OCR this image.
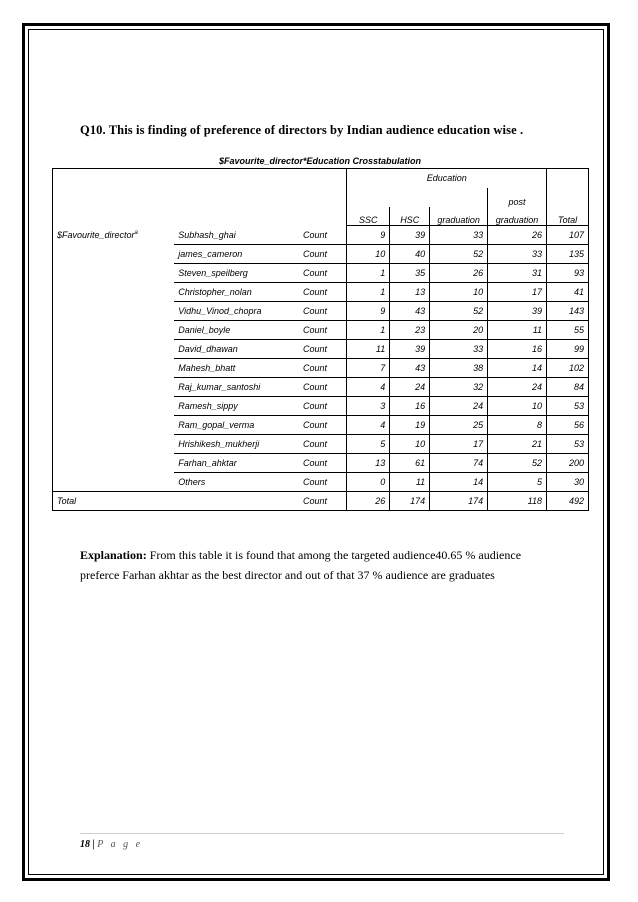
Q10. This is finding of preference of directors by Indian audience education wise .
$Favourite_director*Education Crosstabulation
			Education				
						post	
			SSC	HSC	graduation	graduation	Total
$Favourite_director$^a$	Subhash_ghai	Count	9	39	33	26	107
	james_cameron	Count	10	40	52	33	135
	Steven_speilberg	Count	1	35	26	31	93
	Christopher_nolan	Count	1	13	10	17	41
	Vidhu_Vinod_chopra	Count	9	43	52	39	143
	Daniel_boyle	Count	1	23	20	11	55
	David_dhawan	Count	11	39	33	16	99
	Mahesh_bhatt	Count	7	43	38	14	102
	Raj_kumar_santoshi	Count	4	24	32	24	84
	Ramesh_sippy	Count	3	16	24	10	53
	Ram_gopal_verma	Count	4	19	25	8	56
	Hrishikesh_mukherji	Count	5	10	17	21	53
	Farhan_ahktar	Count	13	61	74	52	200
	Others	Count	0	11	14	5	30
Total		Count	26	174	174	118	492
Explanation: From this table it is found that among the targeted audience40.65 % audience preferce Farhan akhtar as the best director and out of that 37 % audience are graduates
18 | P a g e
